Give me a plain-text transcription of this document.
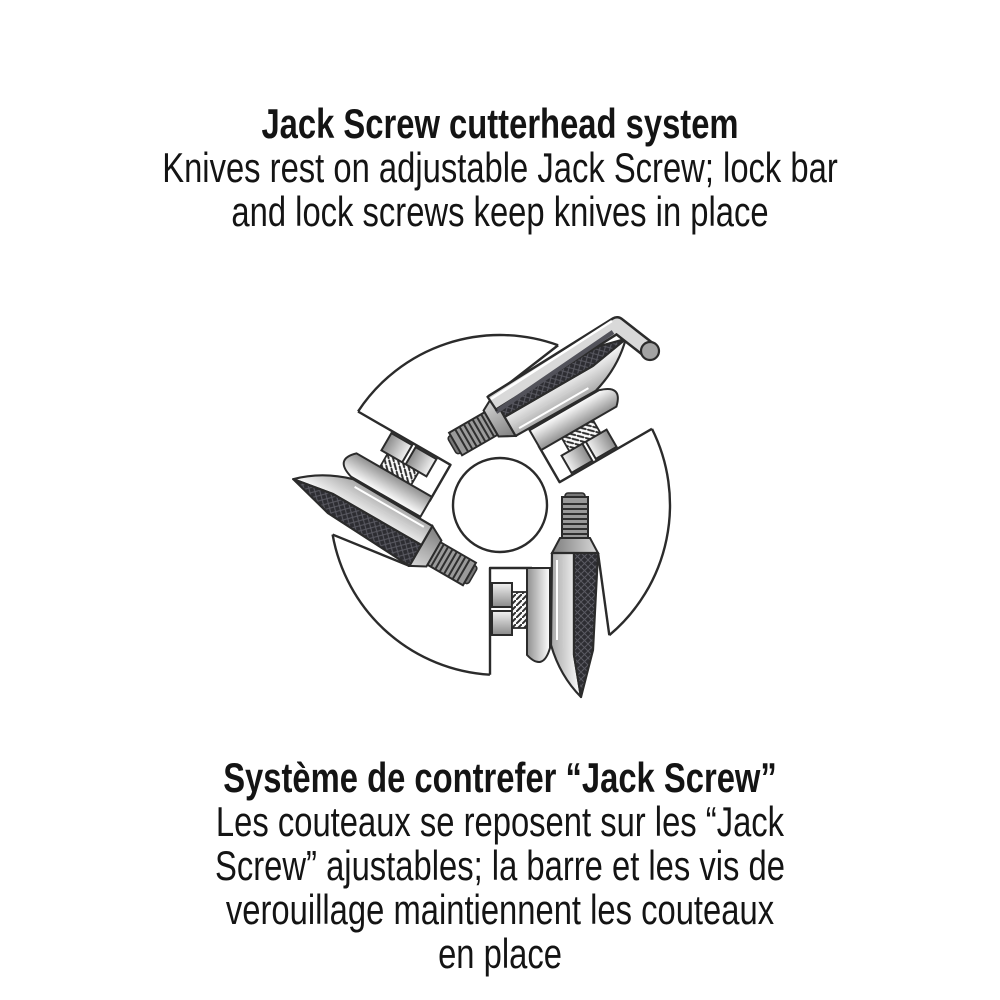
Jack Screw cutterhead system
Knives rest on adjustable Jack Screw; lock bar
and lock screws keep knives in place
Système de contrefer “Jack Screw”
Les couteaux se reposent sur les “Jack
Screw” ajustables; la barre et les vis de
verouillage maintiennent les couteaux
en place
